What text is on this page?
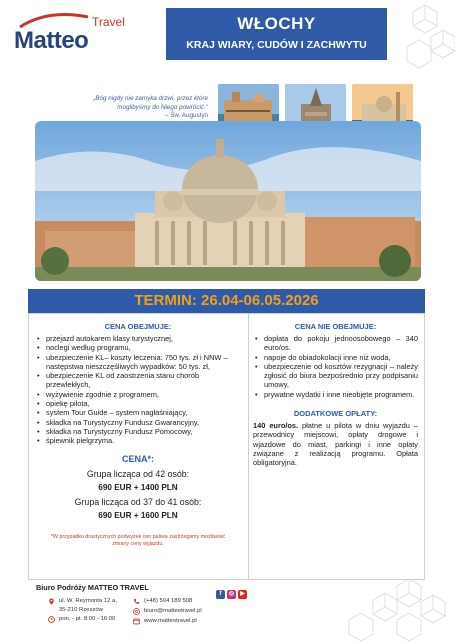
Travel
Matteo
WŁOCHY
KRAJ WIARY, CUDÓW I ZACHWYTU
„Bóg nigdy nie zamyka drzwi, przez które
moglibyśmy do Niego powrócić."
– Św. Augustyn
TERMIN: 26.04-06.05.2026
CENA OBEJMUJE:
• przejazd autokarem klasy turystycznej,
• noclegi według programu,
• ubezpieczenie KL– koszty leczenia: 750 tys. zł i NNW – następstwa nieszczęśliwych wypadków: 50 tys. zł,
• ubezpieczenie KL od zaostrzenia stanu chorób przewlekłych,
• wyżywienie zgodnie z programem,
• opiekę pilota,
• system Tour Guide – system nagłaśniający,
• składka na Turystyczny Fundusz Gwarancyjny,
• składka na Turystyczny Fundusz Pomocowy,
• śpiewnik pielgrzyma.
CENA*:
Grupa licząca od 42 osób:
690 EUR + 1400 PLN
Grupa licząca od 37 do 41 osób:
690 EUR + 1600 PLN
*W przypadku drastycznych podwyżek cen paliwa zastrzegamy możliwość
zmiany ceny wyjazdu.
CENA NIE OBEJMUJE:
• dopłata do pokoju jednoosobowego – 340 euro/os.
• napoje do obiadokolacji inne niż woda,
• ubezpieczenie od kosztów rezygnacji – należy zgłosić do biura bezpośrednio przy podpisaniu umowy,
• prywatne wydatki i inne nieobjęte programem.
DODATKOWE OPŁATY:
140 euro/os. płatne u pilota w dniu wyjazdu – przewodnicy miejscowi, opłaty drogowe i wjazdowe do miast, parkingi i inne opłaty związane z realizacją programu. Opłata obligatoryjna.
Biuro Podróży MATTEO TRAVEL
ul. W. Reymonta 12 a,
35-210 Rzeszów
pon. - pt. 8:00 - 16:00
(+48) 504 189 508
biuro@matteotravel.pl
www.matteotravel.pl
f	◎	▶
